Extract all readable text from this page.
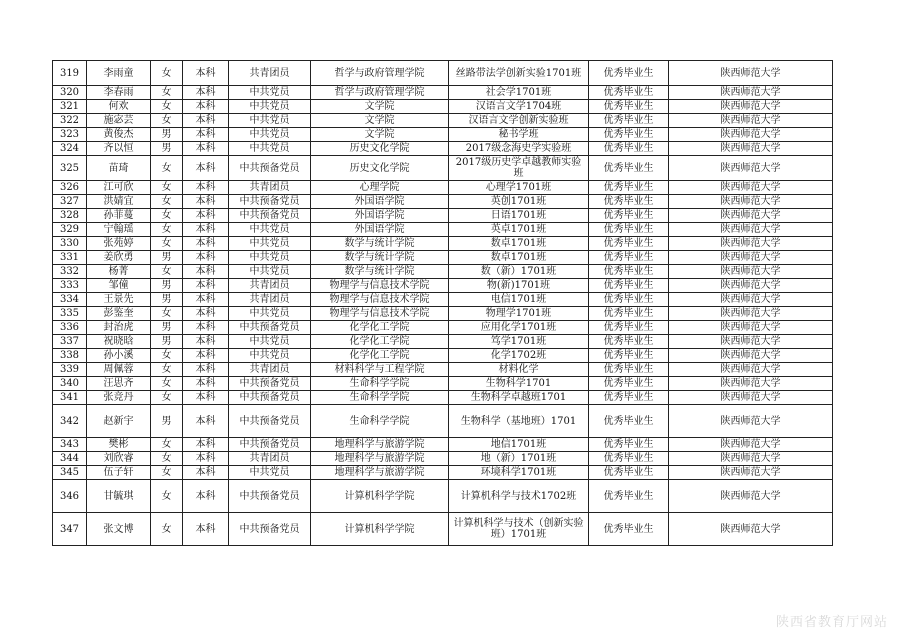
319	李雨童	女	本科	共青团员	哲学与政府管理学院	丝路带法学创新实验1701班	优秀毕业生	陕西师范大学
320	李春雨	女	本科	中共党员	哲学与政府管理学院	社会学1701班	优秀毕业生	陕西师范大学
321	何欢	女	本科	中共党员	文学院	汉语言文学1704班	优秀毕业生	陕西师范大学
322	施宓芸	女	本科	中共党员	文学院	汉语言文学创新实验班	优秀毕业生	陕西师范大学
323	黄俊杰	男	本科	中共党员	文学院	秘书学班	优秀毕业生	陕西师范大学
324	齐以恒	男	本科	中共党员	历史文化学院	2017级念海史学实验班	优秀毕业生	陕西师范大学
325	苗琦	女	本科	中共预备党员	历史文化学院	2017级历史学卓越教师实验班	优秀毕业生	陕西师范大学
326	江可欣	女	本科	共青团员	心理学院	心理学1701班	优秀毕业生	陕西师范大学
327	洪婧宜	女	本科	中共预备党员	外国语学院	英创1701班	优秀毕业生	陕西师范大学
328	孙菲蔓	女	本科	中共预备党员	外国语学院	日语1701班	优秀毕业生	陕西师范大学
329	宁翰瑶	女	本科	中共党员	外国语学院	英卓1701班	优秀毕业生	陕西师范大学
330	张苑婷	女	本科	中共党员	数学与统计学院	数卓1701班	优秀毕业生	陕西师范大学
331	姜欣勇	男	本科	中共党员	数学与统计学院	数卓1701班	优秀毕业生	陕西师范大学
332	杨菁	女	本科	中共党员	数学与统计学院	数（新）1701班	优秀毕业生	陕西师范大学
333	邹僮	男	本科	共青团员	物理学与信息技术学院	物(新)1701班	优秀毕业生	陕西师范大学
334	王景先	男	本科	共青团员	物理学与信息技术学院	电信1701班	优秀毕业生	陕西师范大学
335	彭鉴奎	女	本科	中共党员	物理学与信息技术学院	物理学1701班	优秀毕业生	陕西师范大学
336	封治虎	男	本科	中共预备党员	化学化工学院	应用化学1701班	优秀毕业生	陕西师范大学
337	祝晓晗	男	本科	中共党员	化学化工学院	笃学1701班	优秀毕业生	陕西师范大学
338	孙小溪	女	本科	中共党员	化学化工学院	化学1702班	优秀毕业生	陕西师范大学
339	周佩蓉	女	本科	共青团员	材料科学与工程学院	材料化学	优秀毕业生	陕西师范大学
340	汪思齐	女	本科	中共预备党员	生命科学学院	生物科学1701	优秀毕业生	陕西师范大学
341	张竞丹	女	本科	中共预备党员	生命科学学院	生物科学卓越班1701	优秀毕业生	陕西师范大学
342	赵新宇	男	本科	中共预备党员	生命科学学院	生物科学（基地班）1701	优秀毕业生	陕西师范大学
343	樊彬	女	本科	中共预备党员	地理科学与旅游学院	地信1701班	优秀毕业生	陕西师范大学
344	刘欣睿	女	本科	共青团员	地理科学与旅游学院	地（新）1701班	优秀毕业生	陕西师范大学
345	伍子轩	女	本科	中共党员	地理科学与旅游学院	环境科学1701班	优秀毕业生	陕西师范大学
346	甘毓琪	女	本科	中共预备党员	计算机科学学院	计算机科学与技术1702班	优秀毕业生	陕西师范大学
347	张文博	女	本科	中共预备党员	计算机科学学院	计算机科学与技术（创新实验班）1701班	优秀毕业生	陕西师范大学
陕西省教育厅网站
